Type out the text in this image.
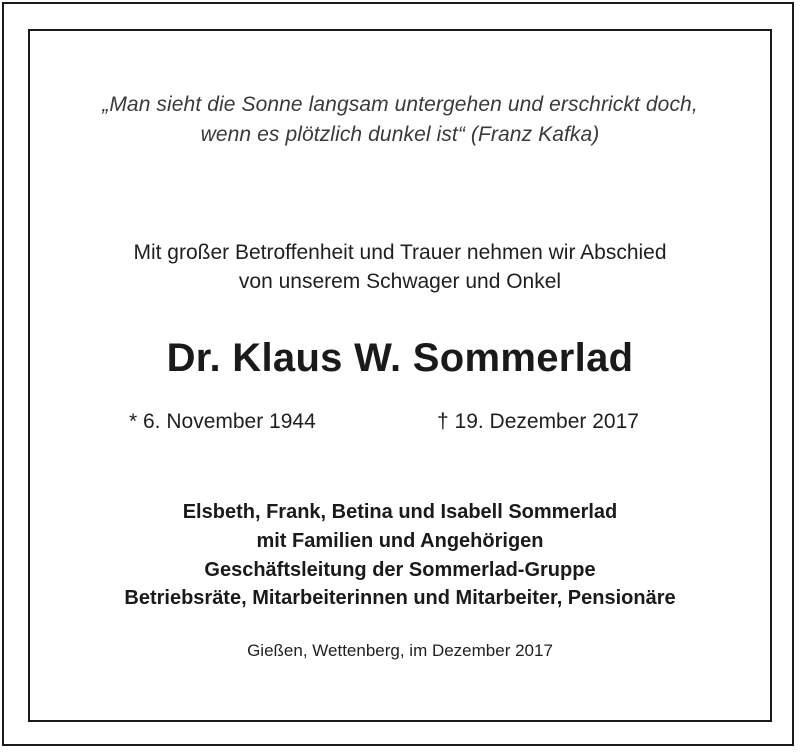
„Man sieht die Sonne langsam untergehen und erschrickt doch,

wenn es plötzlich dunkel ist“ (Franz Kafka)

Mit großer Betroffenheit und Trauer nehmen wir Abschied

von unserem Schwager und Onkel

Dr. Klaus W. Sommerlad

* 6. November 1944	† 19. Dezember 2017

Elsbeth, Frank, Betina und Isabell Sommerlad

mit Familien und Angehörigen

Geschäftsleitung der Sommerlad-Gruppe

Betriebsräte, Mitarbeiterinnen und Mitarbeiter, Pensionäre

Gießen, Wettenberg, im Dezember 2017
